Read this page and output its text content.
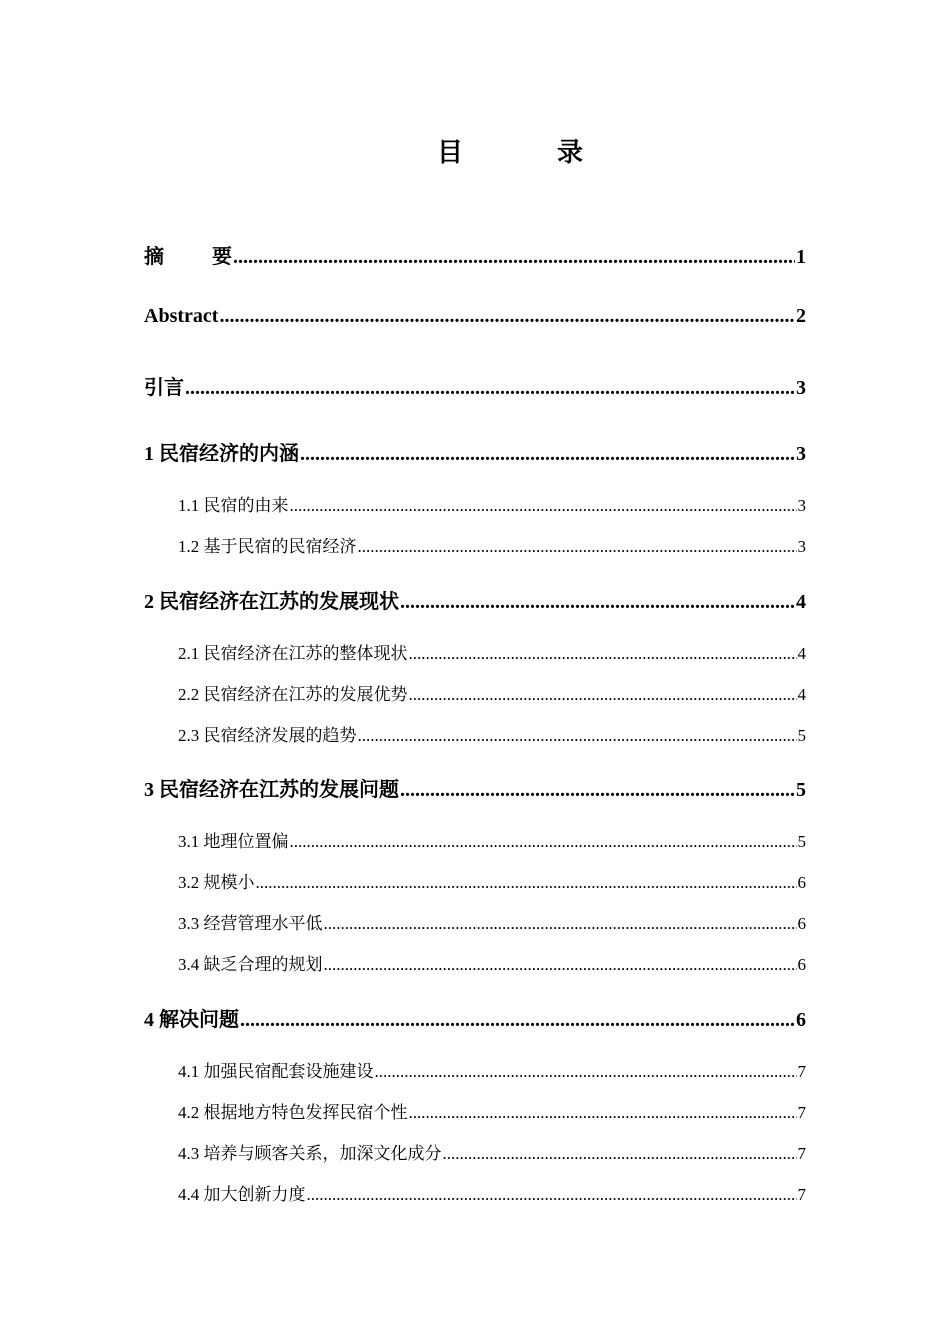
目　录
摘要 .....	1
Abstract .....	2
引言 .....	3
1 民宿经济的内涵 .....	3
1.1 民宿的由来 .....	3
1.2 基于民宿的民宿经济 .....	3
2 民宿经济在江苏的发展现状 .....	4
2.1 民宿经济在江苏的整体现状 .....	4
2.2 民宿经济在江苏的发展优势 .....	4
2.3 民宿经济发展的趋势 .....	5
3 民宿经济在江苏的发展问题 .....	5
3.1 地理位置偏 .....	5
3.2 规模小 .....	6
3.3 经营管理水平低 .....	6
3.4 缺乏合理的规划 .....	6
4 解决问题 .....	6
4.1 加强民宿配套设施建设 .....	7
4.2 根据地方特色发挥民宿个性 .....	7
4.3 培养与顾客关系，加深文化成分 .....	7
4.4 加大创新力度 .....	7
